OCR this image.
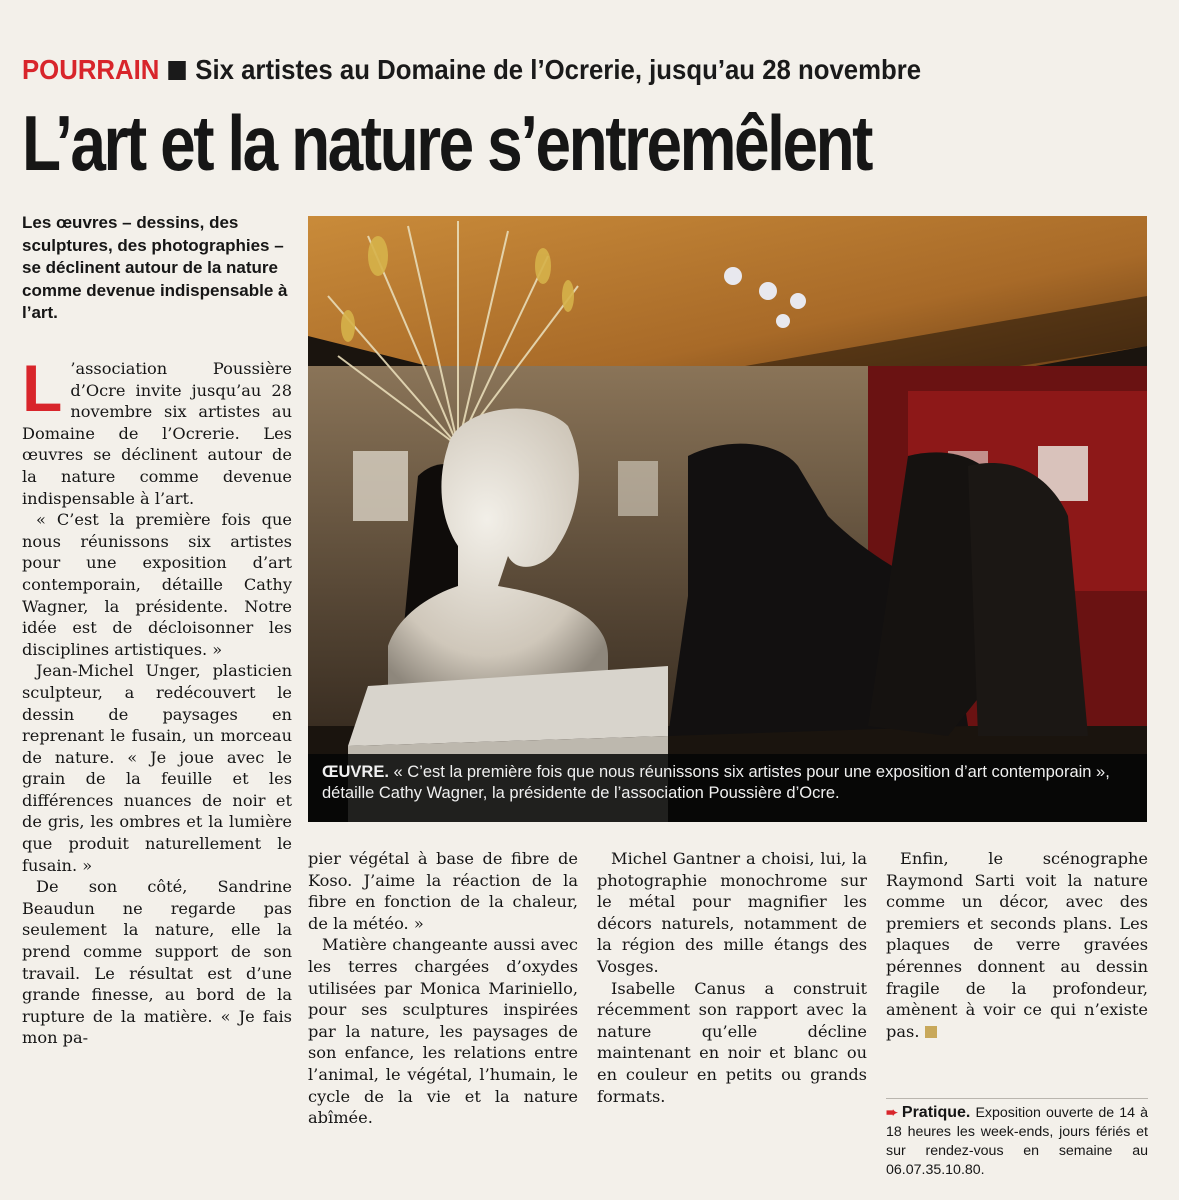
POURRAIN Six artistes au Domaine de l’Ocrerie, jusqu’au 28 novembre
L’art et la nature s’entremêlent
Les œuvres – dessins, des sculptures, des photographies – se déclinent autour de la nature comme devenue indispensable à l’art.
ŒUVRE. « C’est la première fois que nous réunissons six artistes pour une exposition d’art contemporain », détaille Cathy Wagner, la présidente de l’association Poussière d’Ocre.

L ’association Poussière d’Ocre invite jusqu’au 28 novembre six artistes au Domaine de l’Ocrerie. Les œuvres se déclinent autour de la nature comme devenue indispensable à l’art.

« C’est la première fois que nous réunissons six artistes pour une exposition d’art contemporain, détaille Cathy Wagner, la présidente. Notre idée est de décloisonner les disciplines artistiques. »

Jean-Michel Unger, plasticien sculpteur, a redécouvert le dessin de paysages en reprenant le fusain, un morceau de nature. « Je joue avec le grain de la feuille et les différences nuances de noir et de gris, les ombres et la lumière que produit naturellement le fusain. »

De son côté, Sandrine Beaudun ne regarde pas seulement la nature, elle la prend comme support de son travail. Le résultat est d’une grande finesse, au bord de la rupture de la matière. « Je fais mon pa-

pier végétal à base de fibre de Koso. J’aime la réaction de la fibre en fonction de la chaleur, de la météo. »

Matière changeante aussi avec les terres chargées d’oxydes utilisées par Monica Mariniello, pour ses sculptures inspirées par la nature, les paysages de son enfance, les relations entre l’animal, le végétal, l’humain, le cycle de la vie et la nature abîmée.

Michel Gantner a choisi, lui, la photographie monochrome sur le métal pour magnifier les décors naturels, notamment de la région des mille étangs des Vosges.

Isabelle Canus a construit récemment son rapport avec la nature qu’elle décline maintenant en noir et blanc ou en couleur en petits ou grands formats.

Enfin, le scénographe Raymond Sarti voit la nature comme un décor, avec des premiers et seconds plans. Les plaques de verre gravées pérennes donnent au dessin fragile de la profondeur, amènent à voir ce qui n’existe pas.

➨ Pratique. Exposition ouverte de 14 à 18 heures les week-ends, jours fériés et sur rendez-vous en semaine au 06.07.35.10.80.
